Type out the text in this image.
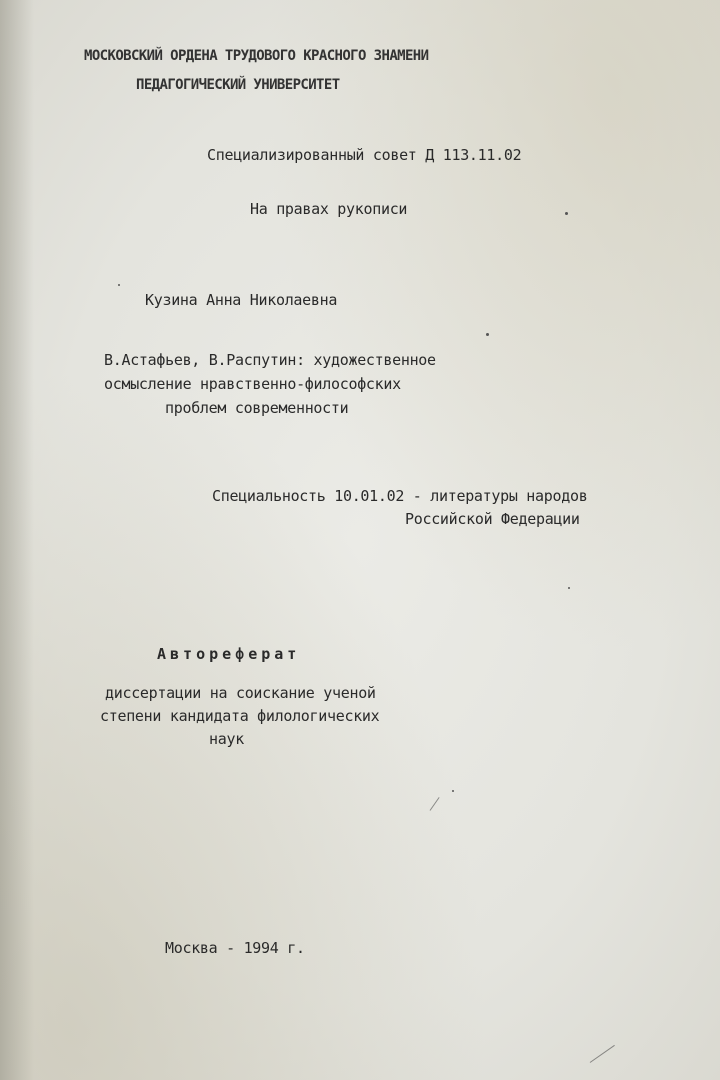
МОСКОВСКИЙ ОРДЕНА ТРУДОВОГО КРАСНОГО ЗНАМЕНИ
ПЕДАГОГИЧЕСКИЙ УНИВЕРСИТЕТ
Специализированный совет Д 113.11.02
На правах рукописи
Кузина Анна Николаевна
В.Астафьев, В.Распутин: художественное
осмысление нравственно-философских
проблем современности
Специальность 10.01.02 - литературы народов
Российской Федерации
Автореферат
диссертации на соискание ученой
степени кандидата филологических
наук
Москва - 1994 г.
